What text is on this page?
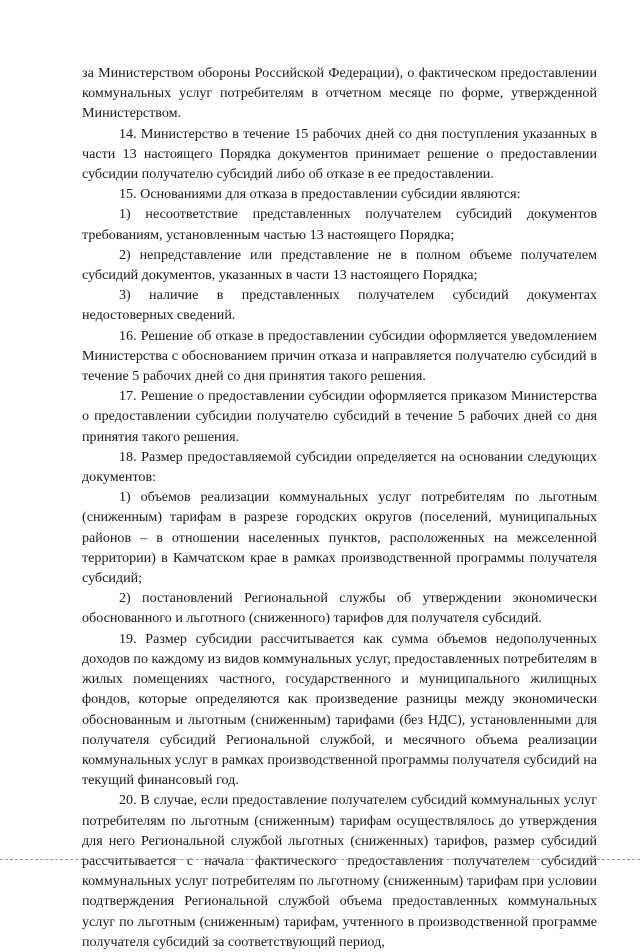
за Министерством обороны Российской Федерации), о фактическом предоставлении коммунальных услуг потребителям в отчетном месяце по форме, утвержденной Министерством.

14. Министерство в течение 15 рабочих дней со дня поступления указанных в части 13 настоящего Порядка документов принимает решение о предоставлении субсидии получателю субсидий либо об отказе в ее предоставлении.

15. Основаниями для отказа в предоставлении субсидии являются:

1) несоответствие представленных получателем субсидий документов требованиям, установленным частью 13 настоящего Порядка;

2) непредставление или представление не в полном объеме получателем субсидий документов, указанных в части 13 настоящего Порядка;

3) наличие в представленных получателем субсидий документах недостоверных сведений.

16. Решение об отказе в предоставлении субсидии оформляется уведомлением Министерства с обоснованием причин отказа и направляется получателю субсидий в течение 5 рабочих дней со дня принятия такого решения.

17. Решение о предоставлении субсидии оформляется приказом Министерства о предоставлении субсидии получателю субсидий в течение 5 рабочих дней со дня принятия такого решения.

18. Размер предоставляемой субсидии определяется на основании следующих документов:

1) объемов реализации коммунальных услуг потребителям по льготным (сниженным) тарифам в разрезе городских округов (поселений, муниципальных районов – в отношении населенных пунктов, расположенных на межселенной территории) в Камчатском крае в рамках производственной программы получателя субсидий;

2) постановлений Региональной службы об утверждении экономически обоснованного и льготного (сниженного) тарифов для получателя субсидий.

19. Размер субсидии рассчитывается как сумма объемов недополученных доходов по каждому из видов коммунальных услуг, предоставленных потребителям в жилых помещениях частного, государственного и муниципального жилищных фондов, которые определяются как произведение разницы между экономически обоснованным и льготным (сниженным) тарифами (без НДС), установленными для получателя субсидий Региональной службой, и месячного объема реализации коммунальных услуг в рамках производственной программы получателя субсидий на текущий финансовый год.

20. В случае, если предоставление получателем субсидий коммунальных услуг потребителям по льготным (сниженным) тарифам осуществлялось до утверждения для него Региональной службой льготных (сниженных) тарифов, размер субсидий рассчитывается с начала фактического предоставления получателем субсидий коммунальных услуг потребителям по льготному (сниженным) тарифам при условии подтверждения Региональной службой объема предоставленных коммунальных услуг по льготным (сниженным) тарифам, учтенного в производственной программе получателя субсидий за соответствующий период,
